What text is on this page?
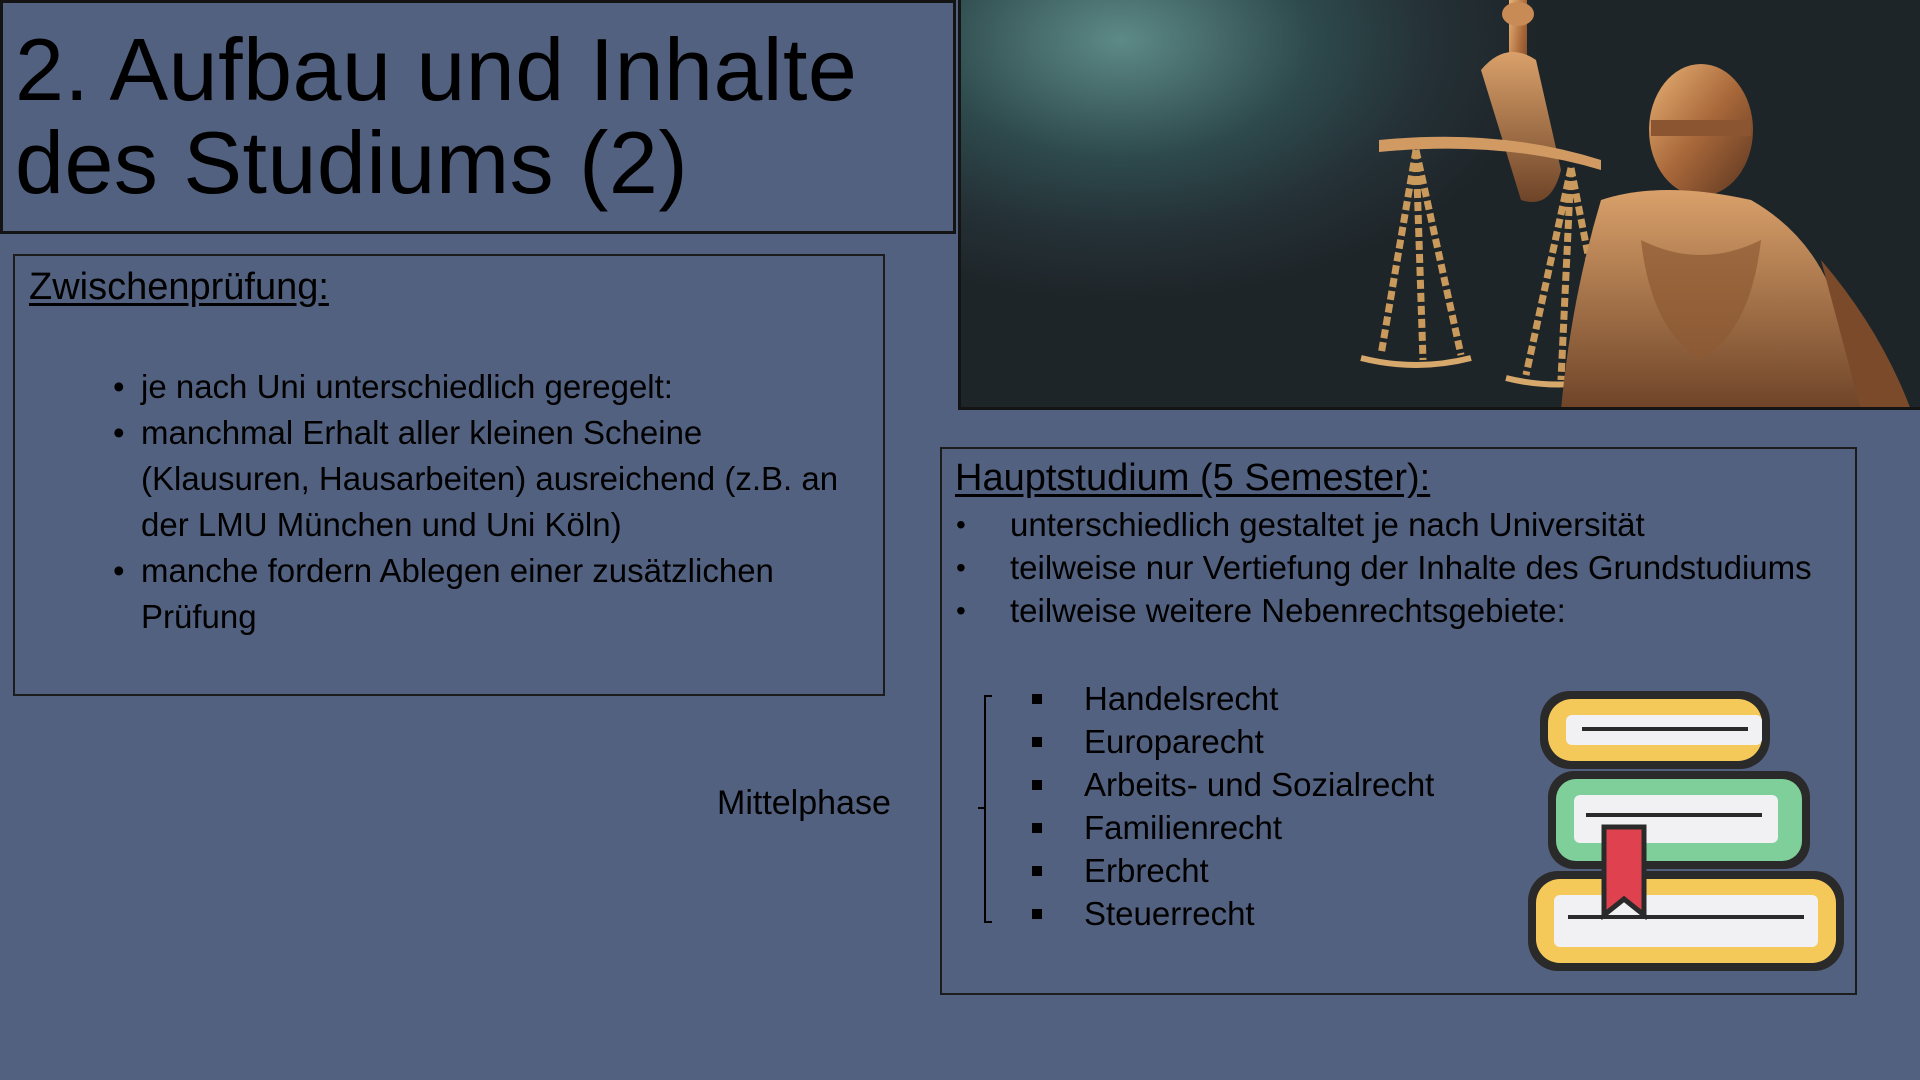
2. Aufbau und Inhalte
des Studiums (2)
Zwischenprüfung:
• je nach Uni unterschiedlich geregelt:
• manchmal Erhalt aller kleinen Scheine (Klausuren, Hausarbeiten) ausreichend (z.B. an der LMU München und Uni Köln)
• manche fordern Ablegen einer zusätzlichen Prüfung
Mittelphase
Hauptstudium (5 Semester):
• unterschiedlich gestaltet je nach Universität
• teilweise nur Vertiefung der Inhalte des Grundstudiums
• teilweise weitere Nebenrechtsgebiete:
Handelsrecht
Europarecht
Arbeits- und Sozialrecht
Familienrecht
Erbrecht
Steuerrecht
